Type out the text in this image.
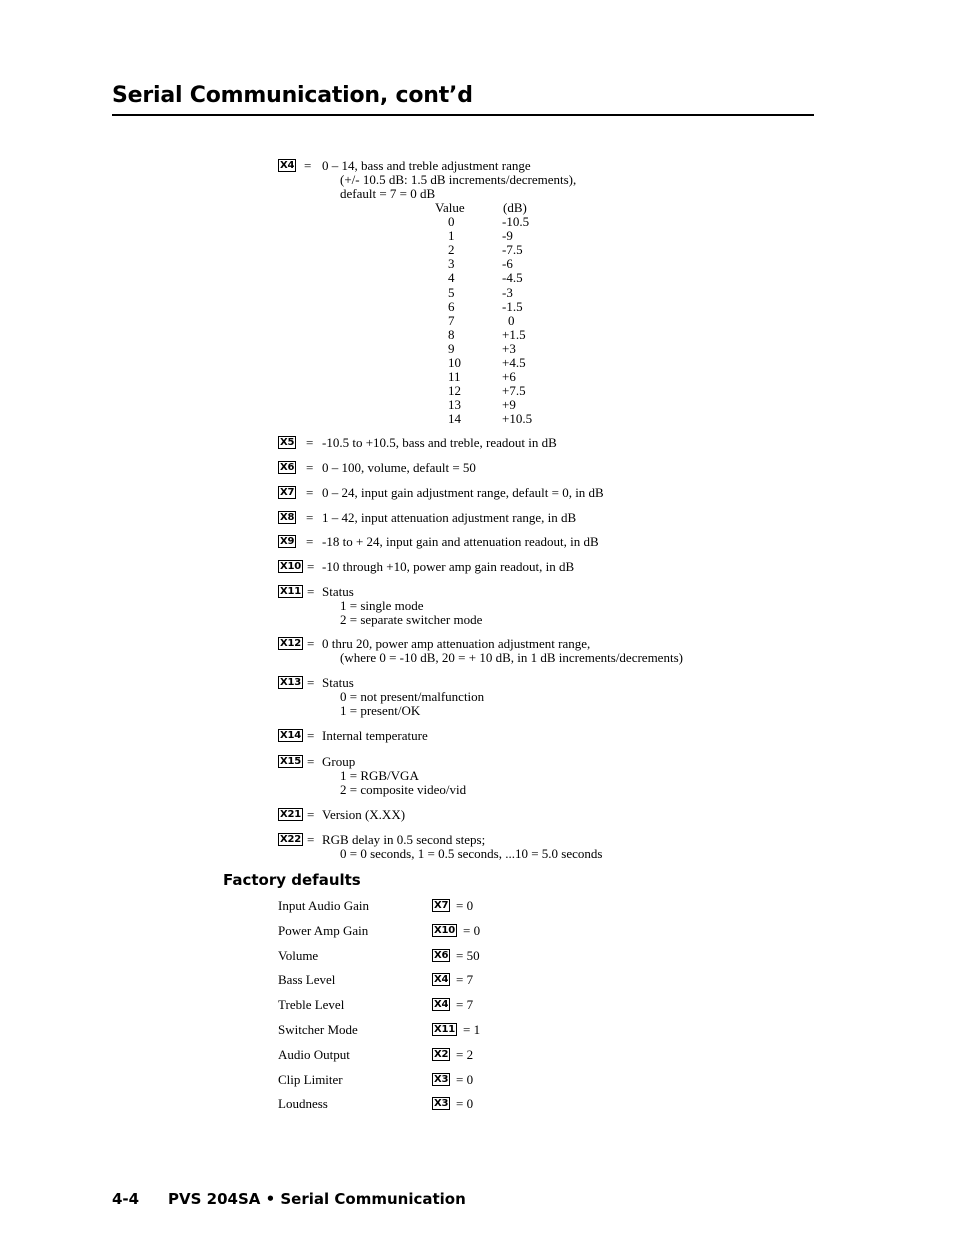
Serial Communication, cont’d
X4 = 0 – 14, bass and treble adjustment range
(+/- 10.5 dB: 1.5 dB increments/decrements),
default = 7 = 0 dB
Value	(dB)
0	-10.5
1	-9
2	-7.5
3	-6
4	-4.5
5	-3
6	-1.5
7	0
8	+1.5
9	+3
10	+4.5
11	+6
12	+7.5
13	+9
14	+10.5
X5 = -10.5 to +10.5, bass and treble, readout in dB
X6 = 0 – 100, volume, default = 50
X7 = 0 – 24, input gain adjustment range, default = 0, in dB
X8 = 1 – 42, input attenuation adjustment range, in dB
X9 = -18 to + 24, input gain and attenuation readout, in dB
X10 = -10 through +10, power amp gain readout, in dB
X11 = Status
1 = single mode
2 = separate switcher mode
X12 = 0 thru 20, power amp attenuation adjustment range,
(where 0 = -10 dB, 20 = + 10 dB, in 1 dB increments/decrements)
X13 = Status
0 = not present/malfunction
1 = present/OK
X14 = Internal temperature
X15 = Group
1 = RGB/VGA
2 = composite video/vid
X21 = Version (X.XX)
X22 = RGB delay in 0.5 second steps;
0 = 0 seconds, 1 = 0.5 seconds, ...10 = 5.0 seconds
Factory defaults
Input Audio Gain	X7 = 0
Power Amp Gain	X10 = 0
Volume	X6 = 50
Bass Level	X4 = 7
Treble Level	X4 = 7
Switcher Mode	X11 = 1
Audio Output	X2 = 2
Clip Limiter	X3 = 0
Loudness	X3 = 0
4-4 PVS 204SA • Serial Communication
